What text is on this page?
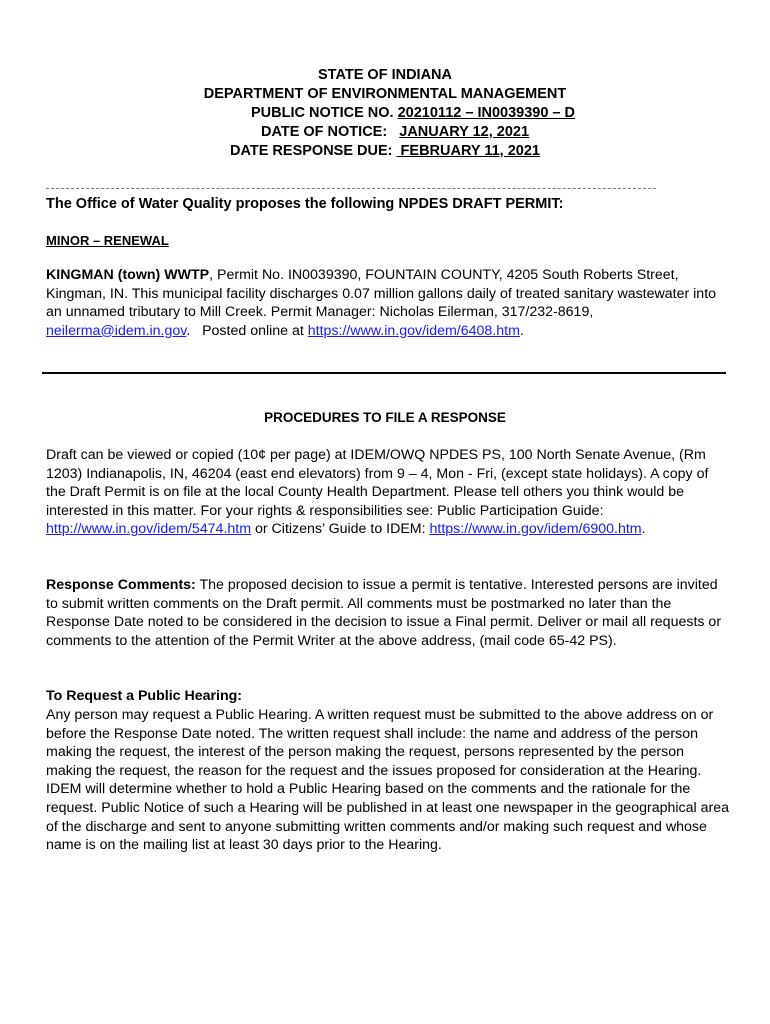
STATE OF INDIANA
DEPARTMENT OF ENVIRONMENTAL MANAGEMENT
PUBLIC NOTICE NO. 20210112 – IN0039390 – D
DATE OF NOTICE:   JANUARY 12, 2021
DATE RESPONSE DUE:  FEBRUARY 11, 2021
The Office of Water Quality proposes the following NPDES DRAFT PERMIT:
MINOR – RENEWAL
KINGMAN (town) WWTP, Permit No. IN0039390, FOUNTAIN COUNTY, 4205 South Roberts Street, Kingman, IN. This municipal facility discharges 0.07 million gallons daily of treated sanitary wastewater into an unnamed tributary to Mill Creek. Permit Manager: Nicholas Eilerman, 317/232-8619, neilerma@idem.in.gov.   Posted online at https://www.in.gov/idem/6408.htm.
PROCEDURES TO FILE A RESPONSE
Draft can be viewed or copied (10¢ per page) at IDEM/OWQ NPDES PS, 100 North Senate Avenue, (Rm 1203) Indianapolis, IN, 46204 (east end elevators) from 9 – 4, Mon - Fri, (except state holidays). A copy of the Draft Permit is on file at the local County Health Department. Please tell others you think would be interested in this matter. For your rights & responsibilities see: Public Participation Guide: http://www.in.gov/idem/5474.htm or Citizens’ Guide to IDEM: https://www.in.gov/idem/6900.htm.
Response Comments: The proposed decision to issue a permit is tentative. Interested persons are invited to submit written comments on the Draft permit. All comments must be postmarked no later than the Response Date noted to be considered in the decision to issue a Final permit. Deliver or mail all requests or comments to the attention of the Permit Writer at the above address, (mail code 65-42 PS).
To Request a Public Hearing:
Any person may request a Public Hearing. A written request must be submitted to the above address on or before the Response Date noted. The written request shall include: the name and address of the person making the request, the interest of the person making the request, persons represented by the person making the request, the reason for the request and the issues proposed for consideration at the Hearing. IDEM will determine whether to hold a Public Hearing based on the comments and the rationale for the request. Public Notice of such a Hearing will be published in at least one newspaper in the geographical area of the discharge and sent to anyone submitting written comments and/or making such request and whose name is on the mailing list at least 30 days prior to the Hearing.
